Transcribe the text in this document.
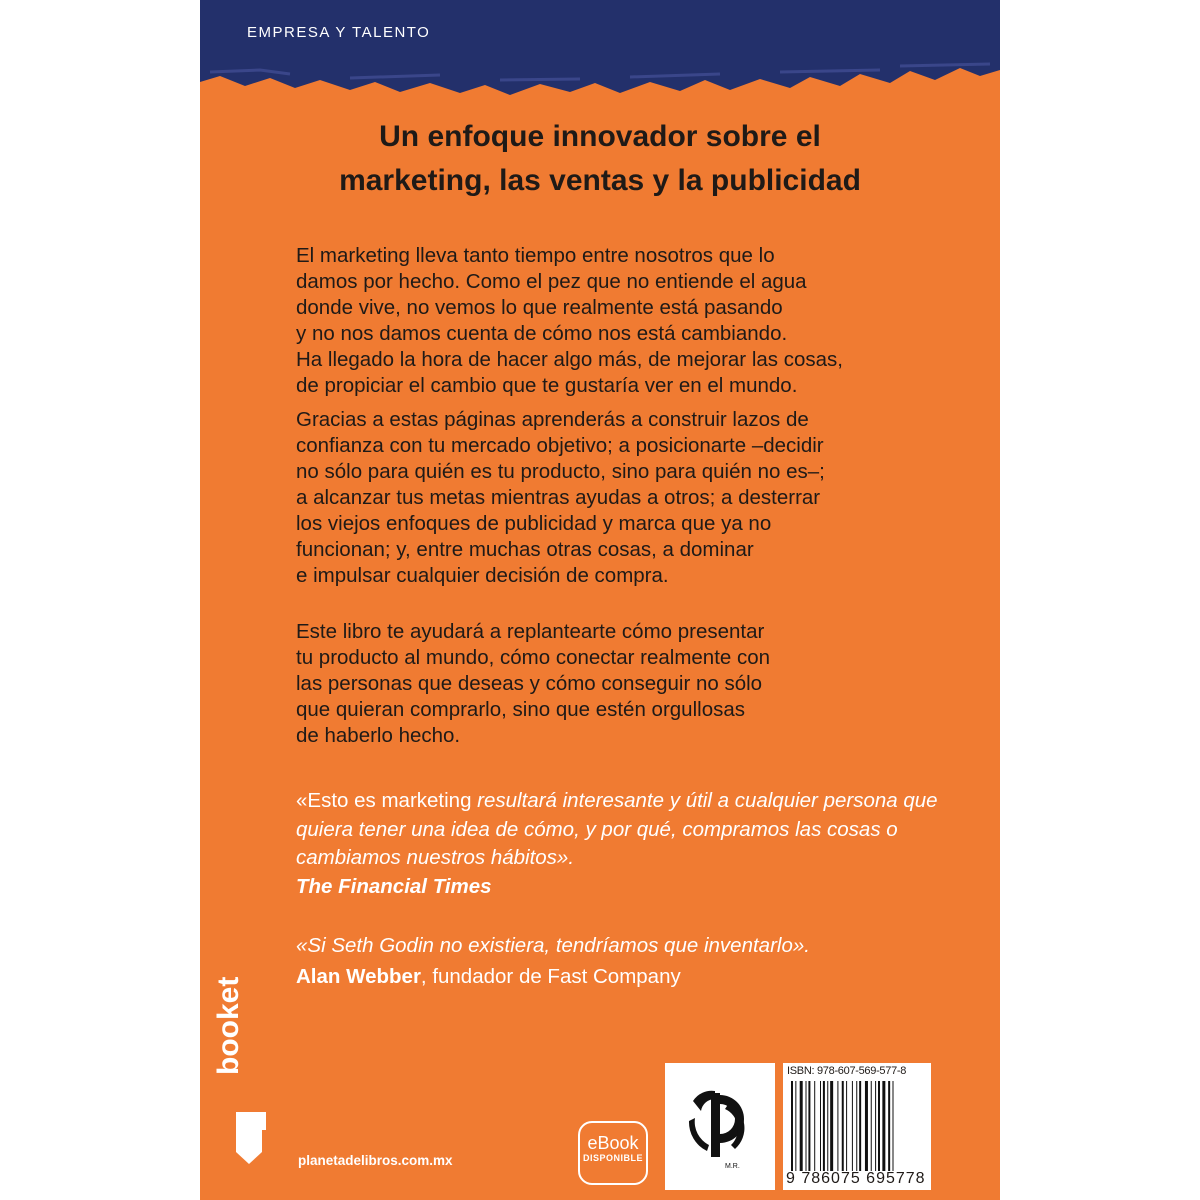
EMPRESA Y TALENTO
Un enfoque innovador sobre el
marketing, las ventas y la publicidad

El marketing lleva tanto tiempo entre nosotros que lo
damos por hecho. Como el pez que no entiende el agua
donde vive, no vemos lo que realmente está pasando
y no nos damos cuenta de cómo nos está cambiando.
Ha llegado la hora de hacer algo más, de mejorar las cosas,
de propiciar el cambio que te gustaría ver en el mundo.

Gracias a estas páginas aprenderás a construir lazos de
confianza con tu mercado objetivo; a posicionarte –decidir
no sólo para quién es tu producto, sino para quién no es–;
a alcanzar tus metas mientras ayudas a otros; a desterrar
los viejos enfoques de publicidad y marca que ya no
funcionan; y, entre muchas otras cosas, a dominar
e impulsar cualquier decisión de compra.

Este libro te ayudará a replantearte cómo presentar
tu producto al mundo, cómo conectar realmente con
las personas que deseas y cómo conseguir no sólo
que quieran comprarlo, sino que estén orgullosas
de haberlo hecho.

«Esto es marketing resultará interesante y útil a cualquier persona que quiera tener una idea de cómo, y por qué, compramos las cosas o cambiamos nuestros hábitos».
The Financial Times
«Si Seth Godin no existiera, tendríamos que inventarlo».
Alan Webber, fundador de Fast Company
booket
planetadelibros.com.mx
eBook
DISPONIBLE
M.R.
ISBN: 978-607-569-577-8
9 786075 695778
